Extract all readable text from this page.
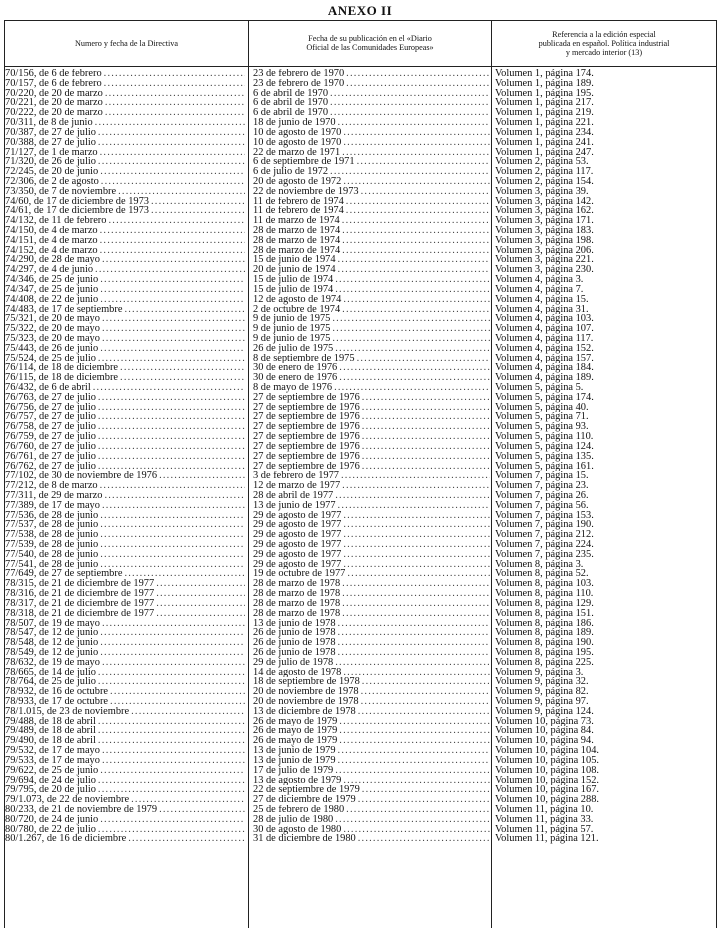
ANEXO II
Numero y fecha de la Directiva	Fecha de su publicación en el «Diario
Oficial de las Comunidades Europeas»
Referencia a la edición especial
publicada en español. Política industrial
y mercado interior (13)
70/156, de 6 de febrero .....	23 de febrero de 1970 .....	Volumen 1, página 174.
70/157, de 6 de febrero .....	23 de febrero de 1970 .....	Volumen 1, página 189.
70/220, de 20 de marzo .....	6 de abril de 1970 .....	Volumen 1, página 195.
70/221, de 20 de marzo .....	6 de abril de 1970 .....	Volumen 1, página 217.
70/222, de 20 de marzo .....	6 de abril de 1970 .....	Volumen 1, página 219.
70/311, de 8 de junio .....	18 de junio de 1970 .....	Volumen 1, página 221.
70/387, de 27 de julio .....	10 de agosto de 1970 .....	Volumen 1, página 234.
70/388, de 27 de julio .....	10 de agosto de 1970 .....	Volumen 1, página 241.
71/127, de 1 de marzo .....	22 de marzo de 1971 .....	Volumen 1, página 247.
71/320, de 26 de julio .....	6 de septiembre de 1971 .....	Volumen 2, página 53.
72/245, de 20 de junio .....	6 de julio de 1972 .....	Volumen 2, página 117.
72/306, de 2 de agosto .....	20 de agosto de 1972 .....	Volumen 2, página 154.
73/350, de 7 de noviembre .....	22 de noviembre de 1973 .....	Volumen 3, página 39.
74/60, de 17 de diciembre de 1973 .....	11 de febrero de 1974 .....	Volumen 3, página 142.
74/61, de 17 de diciembre de 1973 .....	11 de febrero de 1974 .....	Volumen 3, página 162.
74/132, de 11 de febrero .....	11 de marzo de 1974 .....	Volumen 3, página 171.
74/150, de 4 de marzo .....	28 de marzo de 1974 .....	Volumen 3, página 183.
74/151, de 4 de marzo .....	28 de marzo de 1974 .....	Volumen 3, página 198.
74/152, de 4 de marzo .....	28 de marzo de 1974 .....	Volumen 3, página 206.
74/290, de 28 de mayo .....	15 de junio de 1974 .....	Volumen 3, página 221.
74/297, de 4 de junio .....	20 de junio de 1974 .....	Volumen 3, página 230.
74/346, de 25 de junio .....	15 de julio de 1974 .....	Volumen 4, página 3.
74/347, de 25 de junio .....	15 de julio de 1974 .....	Volumen 4, página 7.
74/408, de 22 de junio .....	12 de agosto de 1974 .....	Volumen 4, página 15.
74/483, de 17 de septiembre .....	2 de octubre de 1974 .....	Volumen 4, página 31.
75/321, de 20 de mayo .....	9 de junio de 1975 .....	Volumen 4, página 103.
75/322, de 20 de mayo .....	9 de junio de 1975 .....	Volumen 4, página 107.
75/323, de 20 de mayo .....	9 de junio de 1975 .....	Volumen 4, página 117.
75/443, de 26 de junio .....	26 de julio de 1975 .....	Volumen 4, página 152.
75/524, de 25 de julio .....	8 de septiembre de 1975 .....	Volumen 4, página 157.
76/114, de 18 de diciembre .....	30 de enero de 1976 .....	Volumen 4, página 184.
76/115, de 18 de diciembre .....	30 de enero de 1976 .....	Volumen 4, página 189.
76/432, de 6 de abril .....	8 de mayo de 1976 .....	Volumen 5, página 5.
76/763, de 27 de julio .....	27 de septiembre de 1976 .....	Volumen 5, página 174.
76/756, de 27 de julio .....	27 de septiembre de 1976 .....	Volumen 5, página 40.
76/757, de 27 de julio .....	27 de septiembre de 1976 .....	Volumen 5, página 71.
76/758, de 27 de julio .....	27 de septiembre de 1976 .....	Volumen 5, página 93.
76/759, de 27 de julio .....	27 de septiembre de 1976 .....	Volumen 5, página 110.
76/760, de 27 de julio .....	27 de septiembre de 1976 .....	Volumen 5, página 124.
76/761, de 27 de julio .....	27 de septiembre de 1976 .....	Volumen 5, página 135.
76/762, de 27 de julio .....	27 de septiembre de 1976 .....	Volumen 5, página 161.
77/102, de 30 de noviembre de 1976 .....	3 de febrero de 1977 .....	Volumen 7, página 15.
77/212, de 8 de marzo .....	12 de marzo de 1977 .....	Volumen 7, página 23.
77/311, de 29 de marzo .....	28 de abril de 1977 .....	Volumen 7, página 26.
77/389, de 17 de mayo .....	13 de junio de 1977 .....	Volumen 7, página 56.
77/536, de 28 de junio .....	29 de agosto de 1977 .....	Volumen 7, página 153.
77/537, de 28 de junio .....	29 de agosto de 1977 .....	Volumen 7, página 190.
77/538, de 28 de junio .....	29 de agosto de 1977 .....	Volumen 7, página 212.
77/539, de 28 de junio .....	29 de agosto de 1977 .....	Volumen 7, página 224.
77/540, de 28 de junio .....	29 de agosto de 1977 .....	Volumen 7, página 235.
77/541, de 28 de junio .....	29 de agosto de 1977 .....	Volumen 8, página 3.
77/649, de 27 de septiembre .....	19 de octubre de 1977 .....	Volumen 8, página 52.
78/315, de 21 de diciembre de 1977 .....	28 de marzo de 1978 .....	Volumen 8, página 103.
78/316, de 21 de diciembre de 1977 .....	28 de marzo de 1978 .....	Volumen 8, página 110.
78/317, de 21 de diciembre de 1977 .....	28 de marzo de 1978 .....	Volumen 8, página 129.
78/318, de 21 de diciembre de 1977 .....	28 de marzo de 1978 .....	Volumen 8, página 151.
78/507, de 19 de mayo .....	13 de junio de 1978 .....	Volumen 8, página 186.
78/547, de 12 de junio .....	26 de junio de 1978 .....	Volumen 8, página 189.
78/548, de 12 de junio .....	26 de junio de 1978 .....	Volumen 8, página 190.
78/549, de 12 de junio .....	26 de junio de 1978 .....	Volumen 8, página 195.
78/632, de 19 de mayo .....	29 de julio de 1978 .....	Volumen 8, página 225.
78/665, de 14 de julio .....	14 de agosto de 1978 .....	Volumen 9, página 3.
78/764, de 25 de julio .....	18 de septiembre de 1978 .....	Volumen 9, página 32.
78/932, de 16 de octubre .....	20 de noviembre de 1978 .....	Volumen 9, página 82.
78/933, de 17 de octubre .....	20 de noviembre de 1978 .....	Volumen 9, página 97.
78/1.015, de 23 de noviembre .....	13 de diciembre de 1978 .....	Volumen 9, página 124.
79/488, de 18 de abril .....	26 de mayo de 1979 .....	Volumen 10, página 73.
79/489, de 18 de abril .....	26 de mayo de 1979 .....	Volumen 10, página 84.
79/490, de 18 de abril .....	26 de mayo de 1979 .....	Volumen 10, página 94.
79/532, de 17 de mayo .....	13 de junio de 1979 .....	Volumen 10, página 104.
79/533, de 17 de mayo .....	13 de junio de 1979 .....	Volumen 10, página 105.
79/622, de 25 de junio .....	17 de julio de 1979 .....	Volumen 10, página 108.
79/694, de 24 de julio .....	13 de agosto de 1979 .....	Volumen 10, página 152.
79/795, de 20 de julio .....	22 de septiembre de 1979 .....	Volumen 10, página 167.
79/1.073, de 22 de noviembre .....	27 de diciembre de 1979 .....	Volumen 10, página 288.
80/233, de 21 de noviembre de 1979 .....	25 de febrero de 1980 .....	Volumen 11, página 10.
80/720, de 24 de junio .....	28 de julio de 1980 .....	Volumen 11, página 33.
80/780, de 22 de julio .....	30 de agosto de 1980 .....	Volumen 11, página 57.
80/1.267, de 16 de diciembre .....	31 de diciembre de 1980 .....	Volumen 11, página 121.
